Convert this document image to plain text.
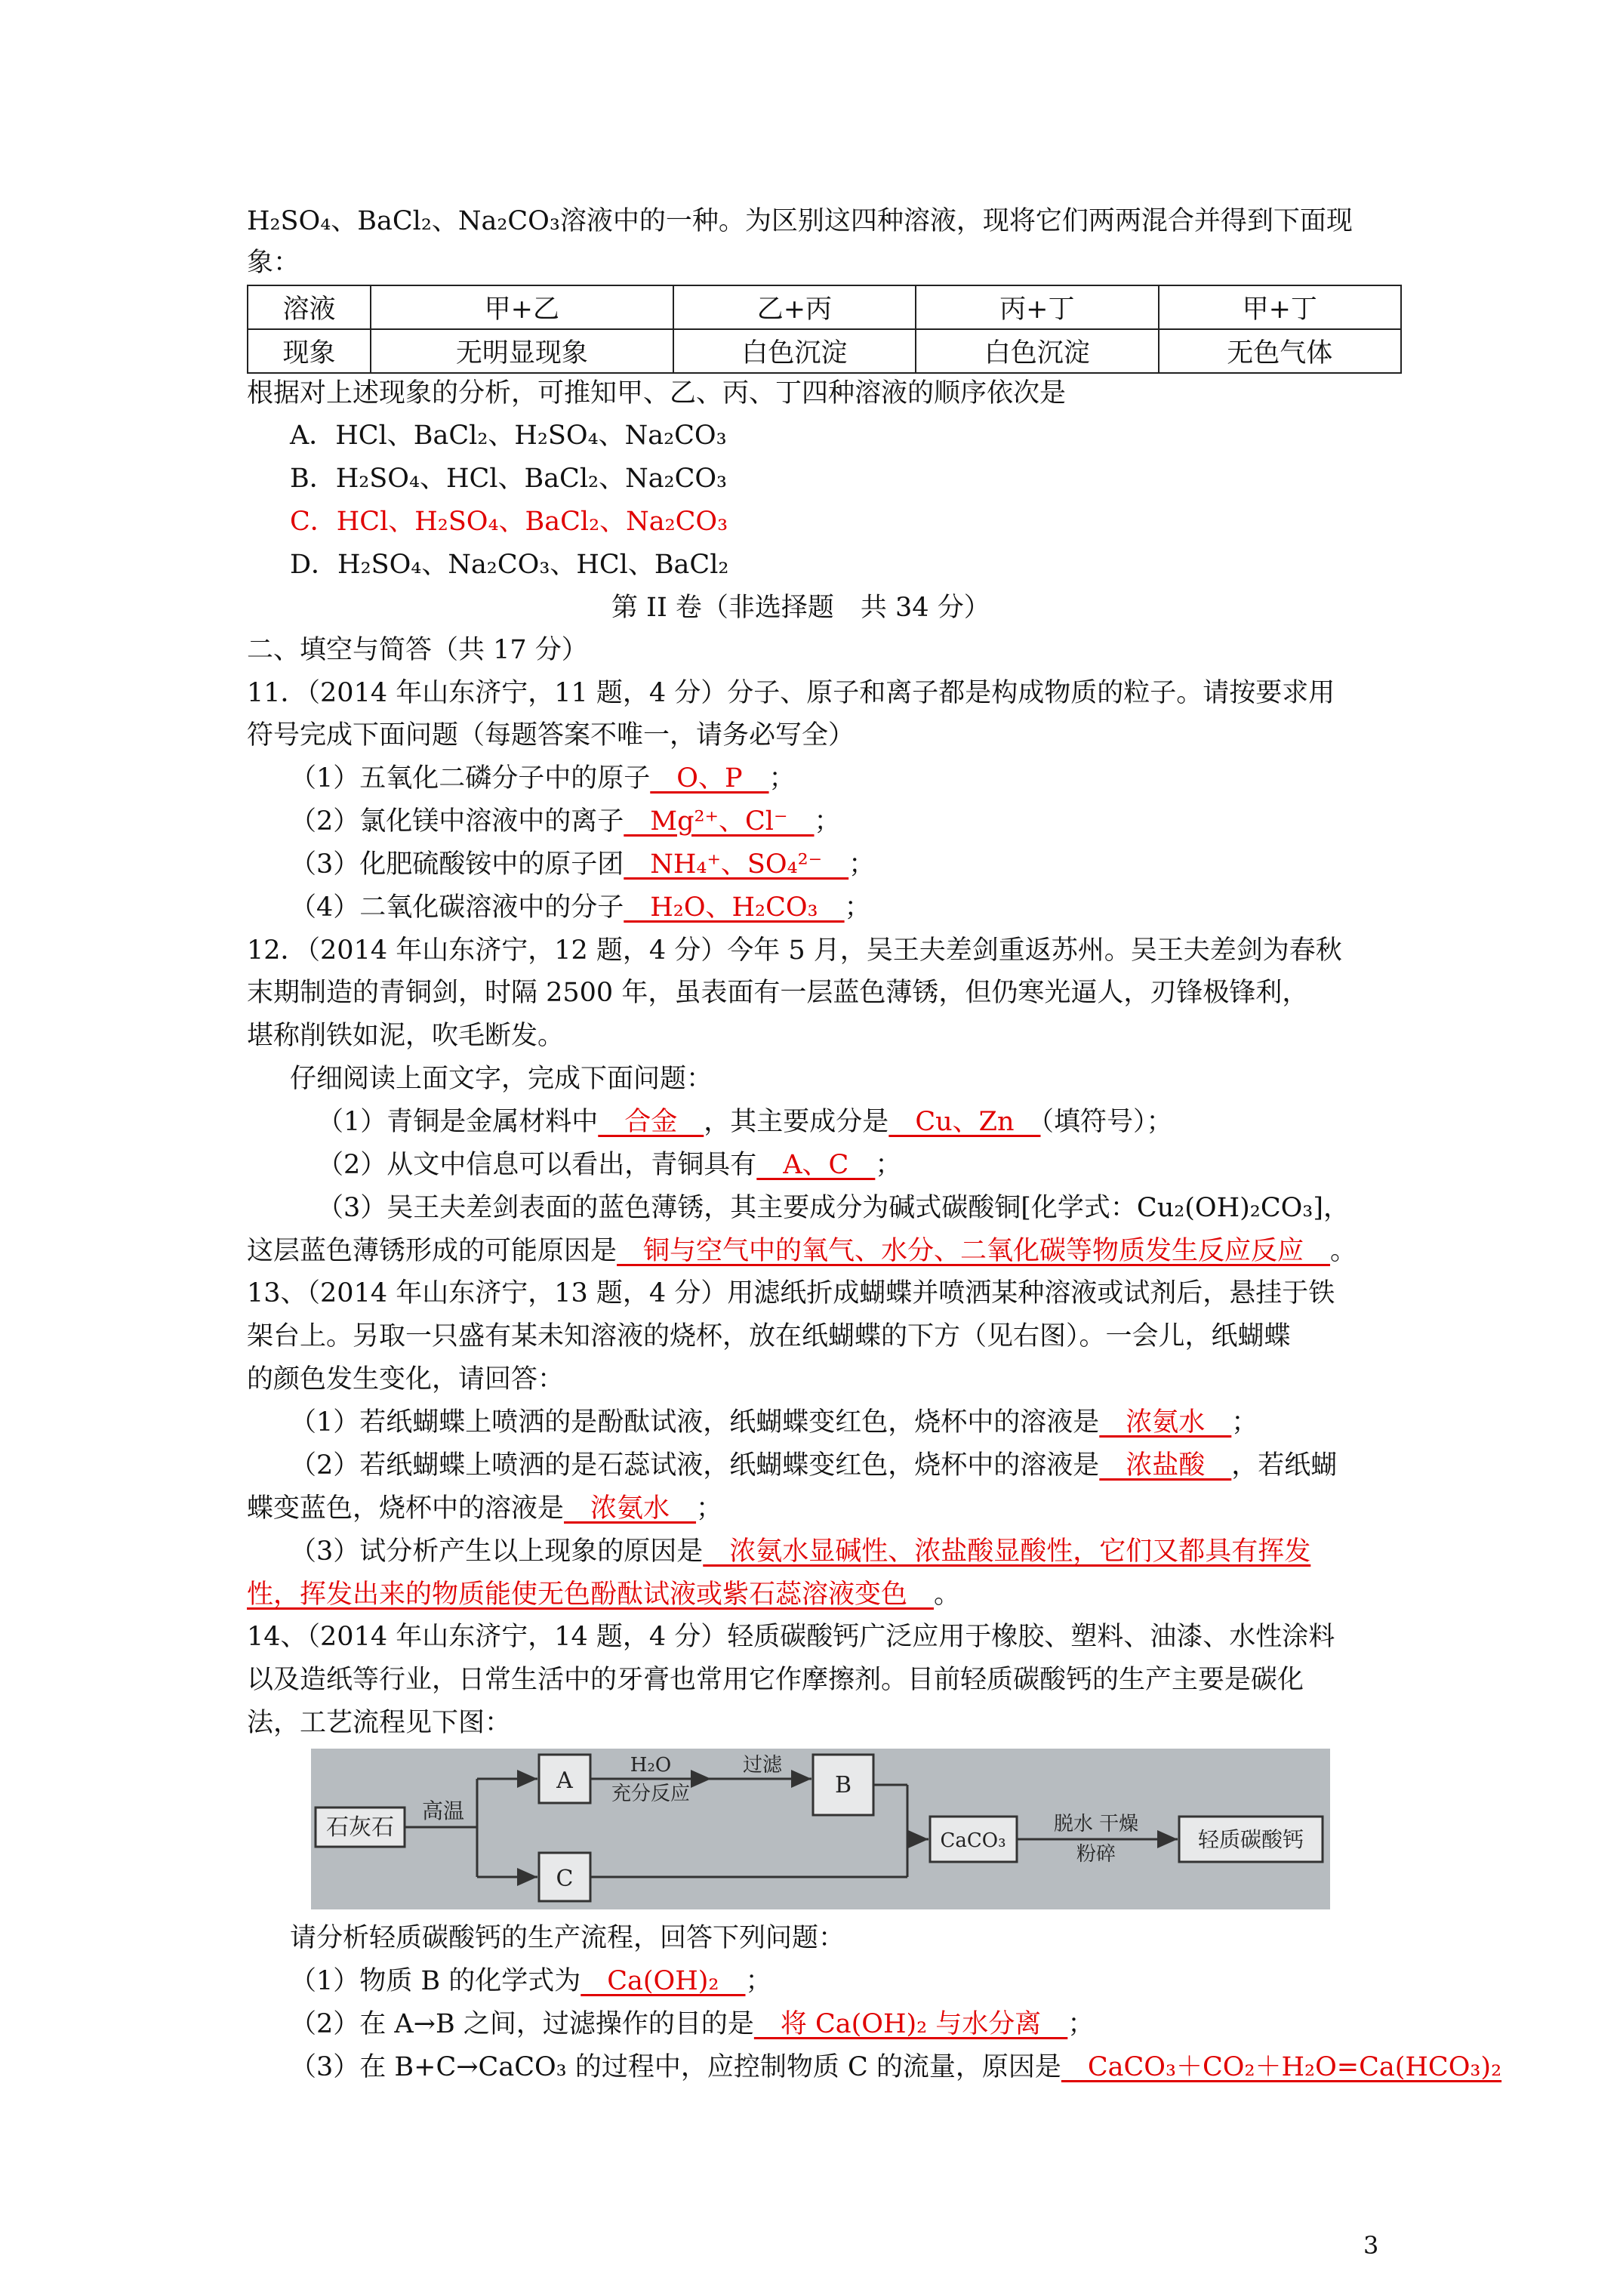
H₂SO₄、BaCl₂、Na₂CO₃溶液中的一种。为区别这四种溶液，现将它们两两混合并得到下面现
象：
溶液	甲+乙	乙+丙	丙+丁	甲+丁
现象	无明显现象	白色沉淀	白色沉淀	无色气体
根据对上述现象的分析，可推知甲、乙、丙、丁四种溶液的顺序依次是
A．HCl、BaCl₂、H₂SO₄、Na₂CO₃
B．H₂SO₄、HCl、BaCl₂、Na₂CO₃
C．HCl、H₂SO₄、BaCl₂、Na₂CO₃
D．H₂SO₄、Na₂CO₃、HCl、BaCl₂
第 II 卷（非选择题　共 34 分）
二、填空与简答（共 17 分）
11．（2014 年山东济宁，11 题，4 分）分子、原子和离子都是构成物质的粒子。请按要求用
符号完成下面问题（每题答案不唯一，请务必写全）
（1）五氧化二磷分子中的原子　O、P　；
（2）氯化镁中溶液中的离子　Mg²⁺、Cl⁻　；
（3）化肥硫酸铵中的原子团　NH₄⁺、SO₄²⁻　；
（4）二氧化碳溶液中的分子　H₂O、H₂CO₃　；
12．（2014 年山东济宁，12 题，4 分）今年 5 月，吴王夫差剑重返苏州。吴王夫差剑为春秋
末期制造的青铜剑，时隔 2500 年，虽表面有一层蓝色薄锈，但仍寒光逼人，刃锋极锋利，
堪称削铁如泥，吹毛断发。
仔细阅读上面文字，完成下面问题：
（1）青铜是金属材料中　合金　，其主要成分是　Cu、Zn　（填符号）；
（2）从文中信息可以看出，青铜具有　A、C　；
（3）吴王夫差剑表面的蓝色薄锈，其主要成分为碱式碳酸铜[化学式：Cu₂(OH)₂CO₃]，
这层蓝色薄锈形成的可能原因是　铜与空气中的氧气、水分、二氧化碳等物质发生反应反应　。
13、（2014 年山东济宁，13 题，4 分）用滤纸折成蝴蝶并喷洒某种溶液或试剂后，悬挂于铁
架台上。另取一只盛有某未知溶液的烧杯，放在纸蝴蝶的下方（见右图）。一会儿，纸蝴蝶
的颜色发生变化，请回答：
（1）若纸蝴蝶上喷洒的是酚酞试液，纸蝴蝶变红色，烧杯中的溶液是　浓氨水　；
（2）若纸蝴蝶上喷洒的是石蕊试液，纸蝴蝶变红色，烧杯中的溶液是　浓盐酸　，若纸蝴
蝶变蓝色，烧杯中的溶液是　浓氨水　；
（3）试分析产生以上现象的原因是　浓氨水显碱性、浓盐酸显酸性，它们又都具有挥发
性，挥发出来的物质能使无色酚酞试液或紫石蕊溶液变色　。
14、（2014 年山东济宁，14 题，4 分）轻质碳酸钙广泛应用于橡胶、塑料、油漆、水性涂料
以及造纸等行业，日常生活中的牙膏也常用它作摩擦剂。目前轻质碳酸钙的生产主要是碳化
法，工艺流程见下图：
石灰石
高温
A
C
H₂O
充分反应
过滤
B
CaCO₃
脱水 干燥
粉碎
轻质碳酸钙
请分析轻质碳酸钙的生产流程，回答下列问题：
（1）物质 B 的化学式为　Ca(OH)₂　；
（2）在 A→B 之间，过滤操作的目的是　将 Ca(OH)₂ 与水分离　；
（3）在 B+C→CaCO₃ 的过程中，应控制物质 C 的流量，原因是　CaCO₃＋CO₂＋H₂O=Ca(HCO₃)₂
3
